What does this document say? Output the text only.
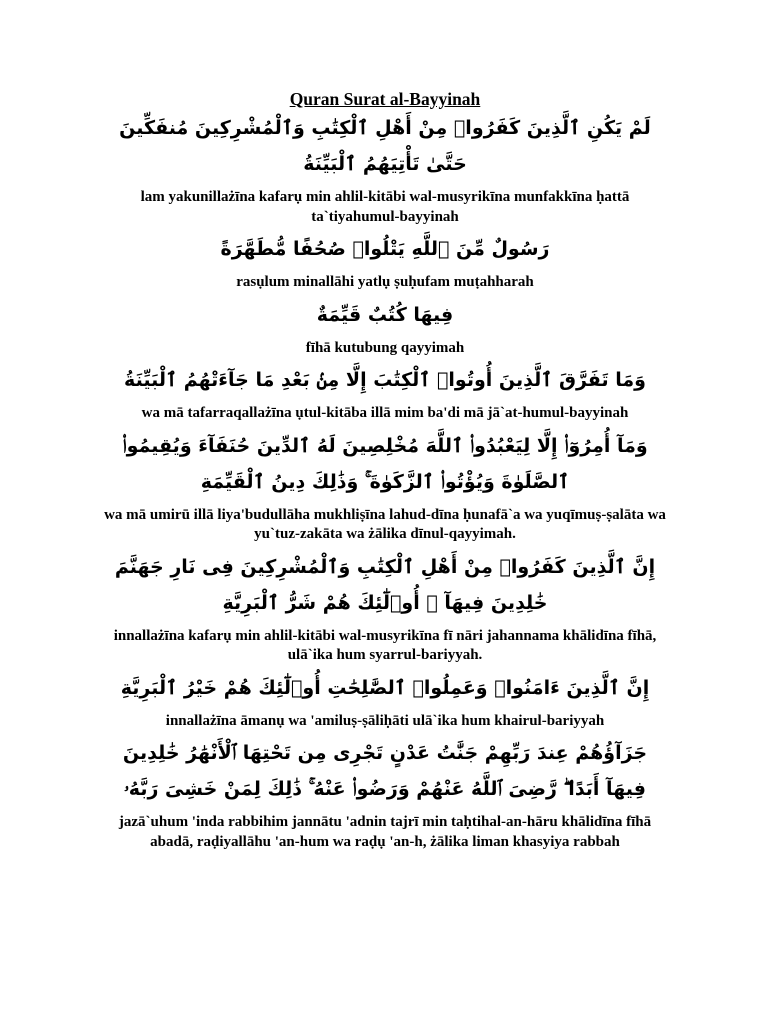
Quran Surat al-Bayyinah

لَمْ يَكُنِ ٱلَّذِينَ كَفَرُوا۟ مِنْ أَهْلِ ٱلْكِتَٰبِ وَٱلْمُشْرِكِينَ مُنفَكِّينَ حَتَّىٰ تَأْتِيَهُمُ ٱلْبَيِّنَةُ

lam yakunillażīna kafarụ min ahlil-kitābi wal-musyrikīna munfakkīna ḥattā ta`tiyahumul-bayyinah

رَسُولٌ مِّنَ ٱللَّهِ يَتْلُوا۟ صُحُفًا مُّطَهَّرَةً

rasụlum minallāhi yatlụ ṣuḥufam muṭahharah

فِيهَا كُتُبٌ قَيِّمَةٌ

fīhā kutubung qayyimah

وَمَا تَفَرَّقَ ٱلَّذِينَ أُوتُوا۟ ٱلْكِتَٰبَ إِلَّا مِنۢ بَعْدِ مَا جَآءَتْهُمُ ٱلْبَيِّنَةُ

wa mā tafarraqallażīna ụtul-kitāba illā mim ba'di mā jā`at-humul-bayyinah

وَمَآ أُمِرُوٓا۟ إِلَّا لِيَعْبُدُوا۟ ٱللَّهَ مُخْلِصِينَ لَهُ ٱلدِّينَ حُنَفَآءَ وَيُقِيمُوا۟ ٱلصَّلَوٰةَ وَيُؤْتُوا۟ ٱلزَّكَوٰةَ ۚ وَذَٰلِكَ دِينُ ٱلْقَيِّمَةِ

wa mā umirū illā liya'budullāha mukhliṣīna lahud-dīna ḥunafā`a wa yuqīmuṣ-ṣalāta wa yu`tuz-zakāta wa żālika dīnul-qayyimah.

إِنَّ ٱلَّذِينَ كَفَرُوا۟ مِنْ أَهْلِ ٱلْكِتَٰبِ وَٱلْمُشْرِكِينَ فِى نَارِ جَهَنَّمَ خَٰلِدِينَ فِيهَآ ۚ أُو۟لَٰٓئِكَ هُمْ شَرُّ ٱلْبَرِيَّةِ

innallażīna kafarụ min ahlil-kitābi wal-musyrikīna fī nāri jahannama khālidīna fīhā, ulā`ika hum syarrul-bariyyah.

إِنَّ ٱلَّذِينَ ءَامَنُوا۟ وَعَمِلُوا۟ ٱلصَّٰلِحَٰتِ أُو۟لَٰٓئِكَ هُمْ خَيْرُ ٱلْبَرِيَّةِ

innallażīna āmanụ wa 'amiluṣ-ṣāliḥāti ulā`ika hum khairul-bariyyah

جَزَآؤُهُمْ عِندَ رَبِّهِمْ جَنَّٰتُ عَدْنٍ تَجْرِى مِن تَحْتِهَا ٱلْأَنْهَٰرُ خَٰلِدِينَ فِيهَآ أَبَدًا ۖ رَّضِىَ ٱللَّهُ عَنْهُمْ وَرَضُوا۟ عَنْهُ ۚ ذَٰلِكَ لِمَنْ خَشِىَ رَبَّهُۥ

jazā`uhum 'inda rabbihim jannātu 'adnin tajrī min taḥtihal-an-hāru khālidīna fīhā abadā, raḍiyallāhu 'an-hum wa raḍụ 'an-h, żālika liman khasyiya rabbah
